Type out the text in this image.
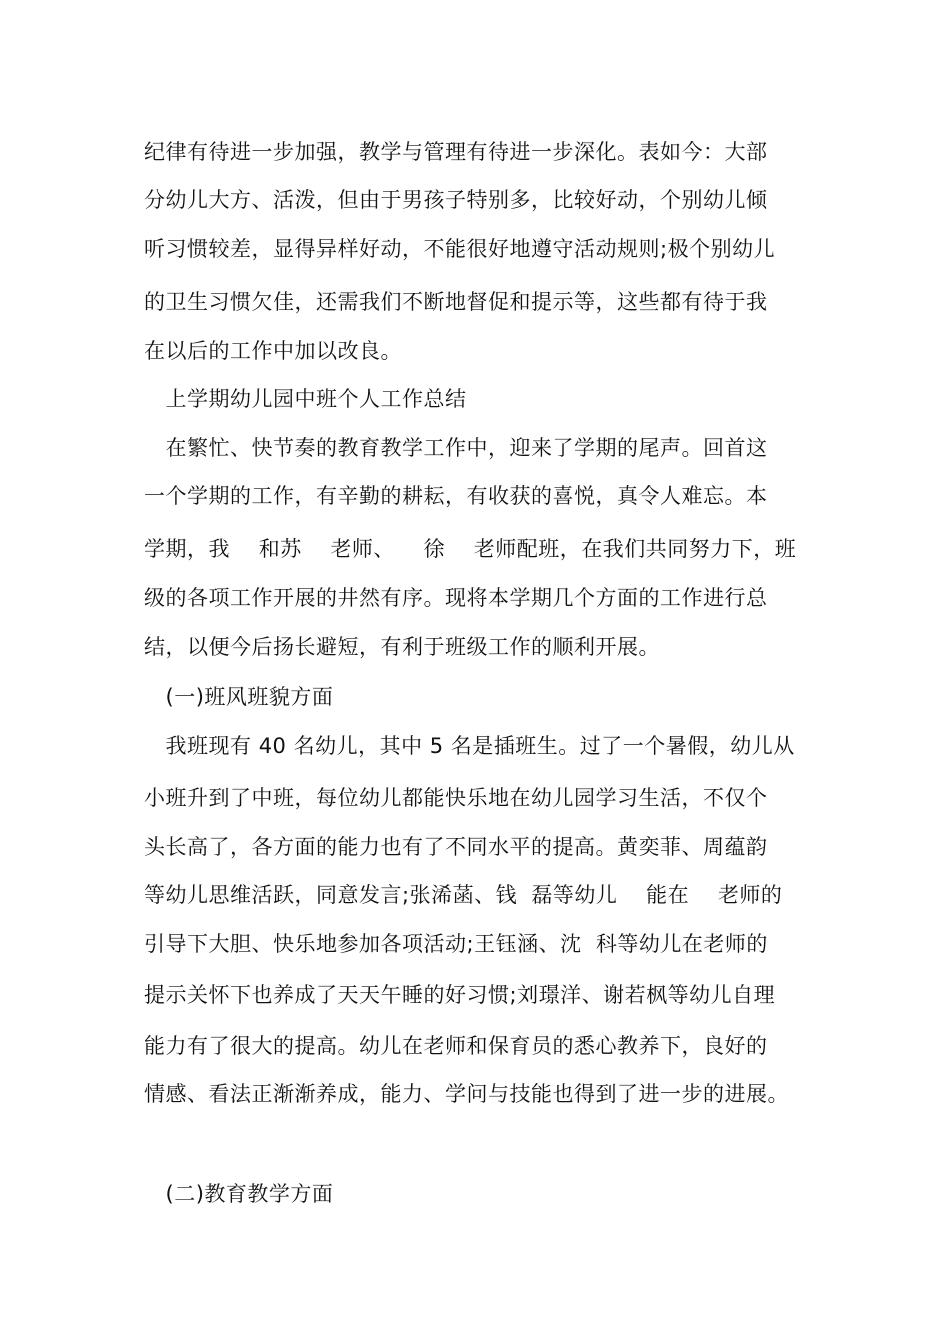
纪律有待进一步加强，教学与管理有待进一步深化。表如今：大部
分幼儿大方、活泼，但由于男孩子特别多，比较好动，个别幼儿倾
听习惯较差，显得异样好动，不能很好地遵守活动规则;极个别幼儿
的卫生习惯欠佳，还需我们不断地督促和提示等，这些都有待于我
在以后的工作中加以改良。
上学期幼儿园中班个人工作总结
在繁忙、快节奏的教育教学工作中，迎来了学期的尾声。回首这
一个学期的工作，有辛勤的耕耘，有收获的喜悦，真令人难忘。本
学期，我    和苏    老师、    徐    老师配班，在我们共同努力下，班
级的各项工作开展的井然有序。现将本学期几个方面的工作进行总
结，以便今后扬长避短，有利于班级工作的顺利开展。
(一)班风班貌方面
我班现有 40 名幼儿，其中 5 名是插班生。过了一个暑假，幼儿从
小班升到了中班，每位幼儿都能快乐地在幼儿园学习生活，不仅个
头长高了，各方面的能力也有了不同水平的提高。黄奕菲、周蕴韵
等幼儿思维活跃，同意发言;张浠菡、钱  磊等幼儿    能在    老师的
引导下大胆、快乐地参加各项活动;王钰涵、沈  科等幼儿在老师的
提示关怀下也养成了天天午睡的好习惯;刘璟洋、谢若枫等幼儿自理
能力有了很大的提高。幼儿在老师和保育员的悉心教养下，良好的
情感、看法正渐渐养成，能力、学问与技能也得到了进一步的进展。
(二)教育教学方面
